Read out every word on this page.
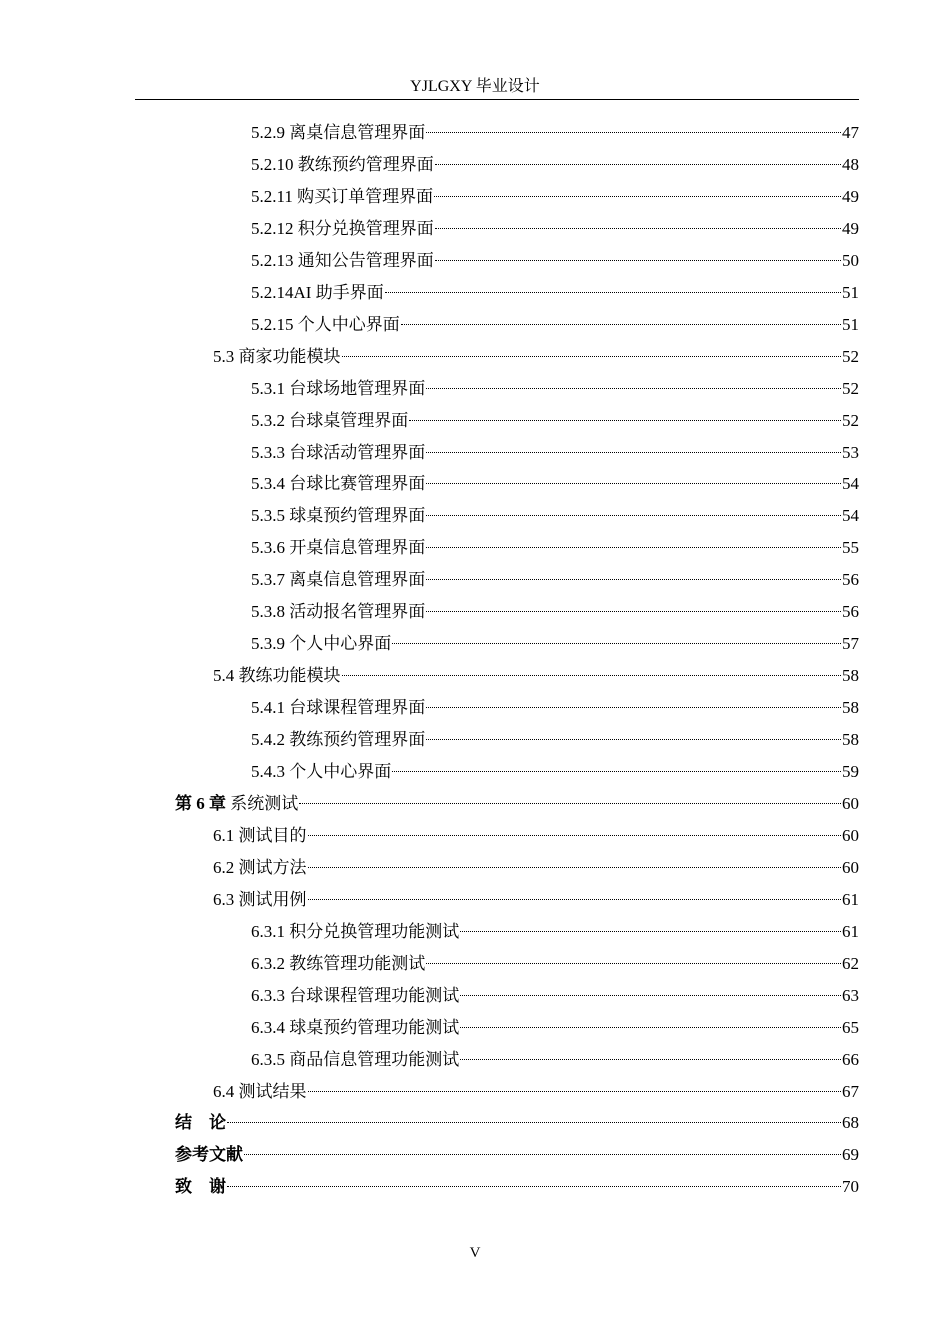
YJLGXY 毕业设计
5.2.9 离桌信息管理界面	47
5.2.10 教练预约管理界面	48
5.2.11 购买订单管理界面	49
5.2.12 积分兑换管理界面	49
5.2.13 通知公告管理界面	50
5.2.14AI 助手界面	51
5.2.15 个人中心界面	51
5.3 商家功能模块	52
5.3.1 台球场地管理界面	52
5.3.2 台球桌管理界面	52
5.3.3 台球活动管理界面	53
5.3.4 台球比赛管理界面	54
5.3.5 球桌预约管理界面	54
5.3.6 开桌信息管理界面	55
5.3.7 离桌信息管理界面	56
5.3.8 活动报名管理界面	56
5.3.9 个人中心界面	57
5.4 教练功能模块	58
5.4.1 台球课程管理界面	58
5.4.2 教练预约管理界面	58
5.4.3 个人中心界面	59
第 6 章 系统测试	60
6.1 测试目的	60
6.2 测试方法	60
6.3 测试用例	61
6.3.1 积分兑换管理功能测试	61
6.3.2 教练管理功能测试	62
6.3.3 台球课程管理功能测试	63
6.3.4 球桌预约管理功能测试	65
6.3.5 商品信息管理功能测试	66
6.4 测试结果	67
结　论	68
参考文献	69
致　谢	70
V
